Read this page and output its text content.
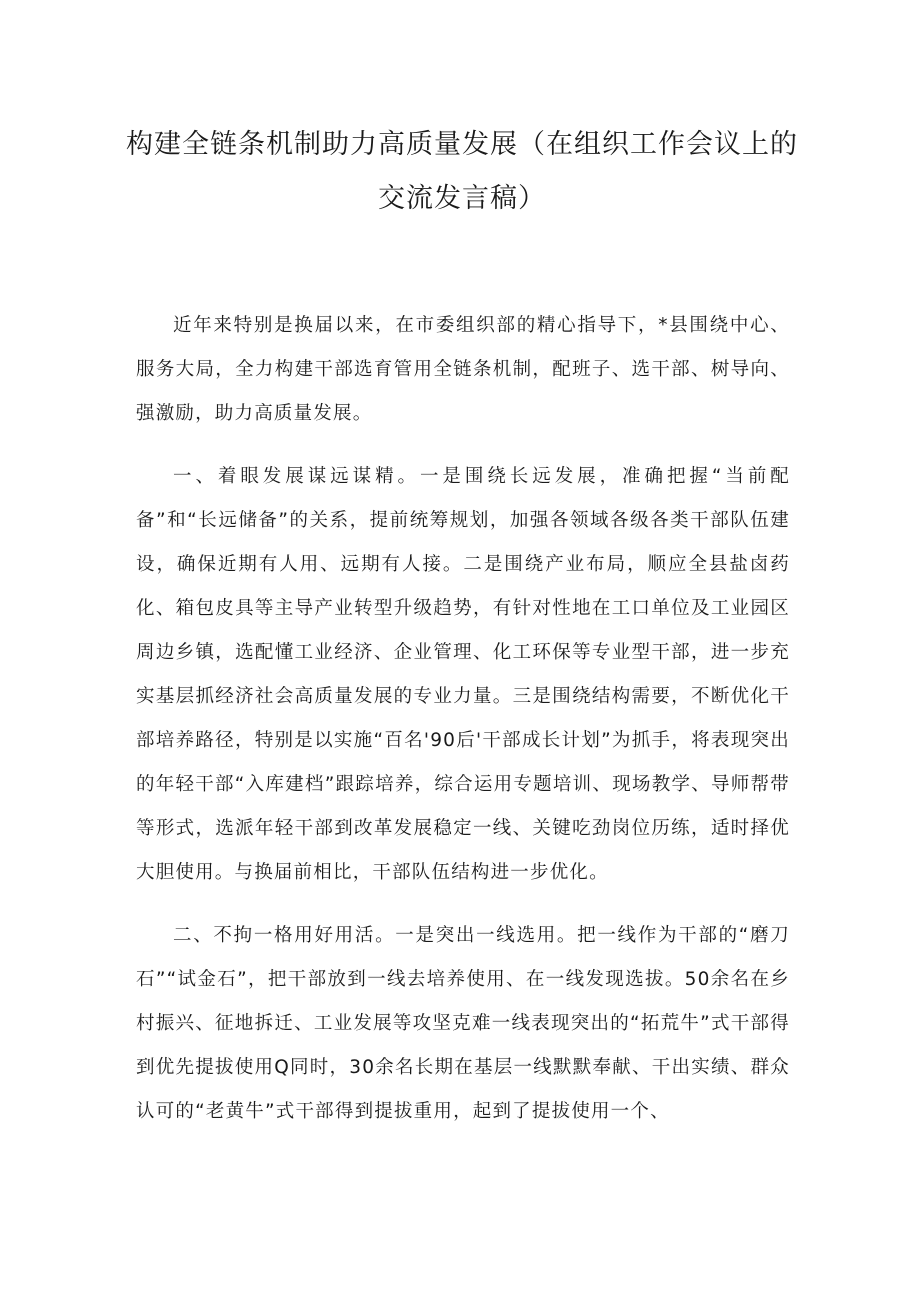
构建全链条机制助力高质量发展（在组织工作会议上的交流发言稿）

近年来特别是换届以来，在市委组织部的精心指导下，*县围绕中心、服务大局，全力构建干部选育管用全链条机制，配班子、选干部、树导向、强激励，助力高质量发展。

一、着眼发展谋远谋精。一是围绕长远发展，准确把握“当前配备”和“长远储备”的关系，提前统筹规划，加强各领域各级各类干部队伍建设，确保近期有人用、远期有人接。二是围绕产业布局，顺应全县盐卤药化、箱包皮具等主导产业转型升级趋势，有针对性地在工口单位及工业园区周边乡镇，选配懂工业经济、企业管理、化工环保等专业型干部，进一步充实基层抓经济社会高质量发展的专业力量。三是围绕结构需要，不断优化干部培养路径，特别是以实施“百名'90后'干部成长计划”为抓手，将表现突出的年轻干部“入库建档”跟踪培养，综合运用专题培训、现场教学、导师帮带等形式，选派年轻干部到改革发展稳定一线、关键吃劲岗位历练，适时择优大胆使用。与换届前相比，干部队伍结构进一步优化。

二、不拘一格用好用活。一是突出一线选用。把一线作为干部的“磨刀石”“试金石”，把干部放到一线去培养使用、在一线发现选拔。50余名在乡村振兴、征地拆迁、工业发展等攻坚克难一线表现突出的“拓荒牛”式干部得到优先提拔使用Q同时，30余名长期在基层一线默默奉献、干出实绩、群众认可的“老黄牛”式干部得到提拔重用，起到了提拔使用一个、
